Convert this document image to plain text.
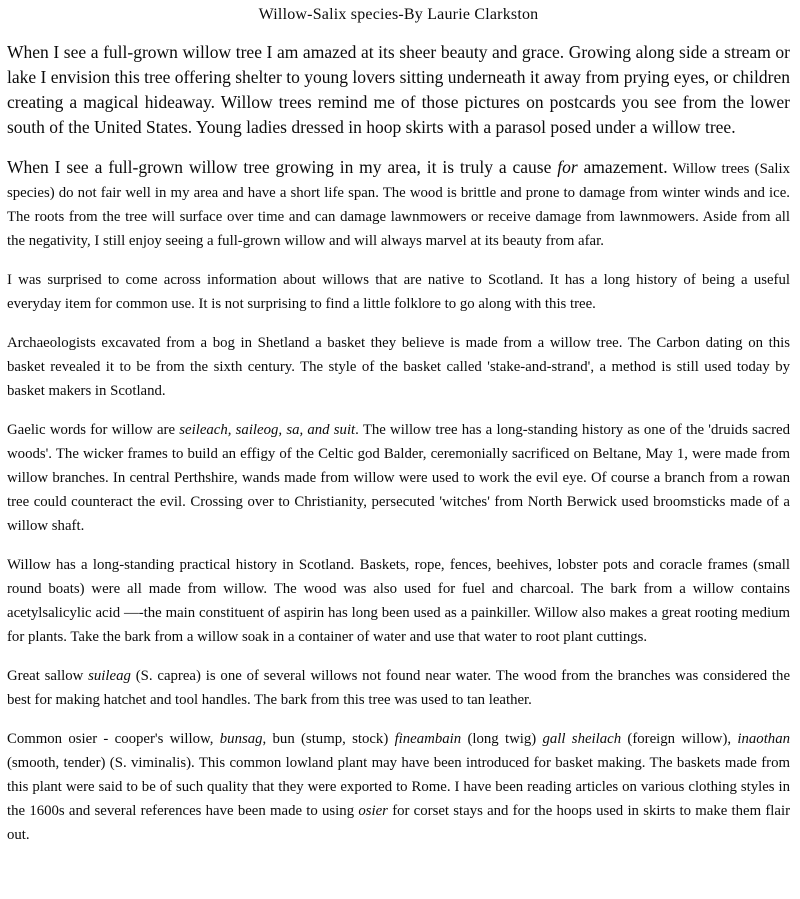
Willow-Salix species-By Laurie Clarkston

When I see a full-grown willow tree I am amazed at its sheer beauty and grace. Growing along side a stream or lake I envision this tree offering shelter to young lovers sitting underneath it away from prying eyes, or children creating a magical hideaway. Willow trees remind me of those pictures on postcards you see from the lower south of the United States. Young ladies dressed in hoop skirts with a parasol posed under a willow tree.

When I see a full-grown willow tree growing in my area, it is truly a cause for amazement. Willow trees (Salix species) do not fair well in my area and have a short life span. The wood is brittle and prone to damage from winter winds and ice. The roots from the tree will surface over time and can damage lawnmowers or receive damage from lawnmowers. Aside from all the negativity, I still enjoy seeing a full-grown willow and will always marvel at its beauty from afar.

I was surprised to come across information about willows that are native to Scotland. It has a long history of being a useful everyday item for common use. It is not surprising to find a little folklore to go along with this tree.

Archaeologists excavated from a bog in Shetland a basket they believe is made from a willow tree. The Carbon dating on this basket revealed it to be from the sixth century. The style of the basket called 'stake-and-strand', a method is still used today by basket makers in Scotland.

Gaelic words for willow are seileach, saileog, sa, and suit. The willow tree has a long-standing history as one of the 'druids sacred woods'. The wicker frames to build an effigy of the Celtic god Balder, ceremonially sacrificed on Beltane, May 1, were made from willow branches. In central Perthshire, wands made from willow were used to work the evil eye. Of course a branch from a rowan tree could counteract the evil. Crossing over to Christianity, persecuted 'witches' from North Berwick used broomsticks made of a willow shaft.

Willow has a long-standing practical history in Scotland. Baskets, rope, fences, beehives, lobster pots and coracle frames (small round boats) were all made from willow. The wood was also used for fuel and charcoal. The bark from a willow contains acetylsalicylic acid —-the main constituent of aspirin has long been used as a painkiller. Willow also makes a great rooting medium for plants. Take the bark from a willow soak in a container of water and use that water to root plant cuttings.

Great sallow suileag (S. caprea) is one of several willows not found near water. The wood from the branches was considered the best for making hatchet and tool handles. The bark from this tree was used to tan leather.

Common osier - cooper's willow, bunsag, bun (stump, stock) fineambain (long twig) gall sheilach (foreign willow), inaothan (smooth, tender) (S. viminalis). This common lowland plant may have been introduced for basket making. The baskets made from this plant were said to be of such quality that they were exported to Rome. I have been reading articles on various clothing styles in the 1600s and several references have been made to using osier for corset stays and for the hoops used in skirts to make them flair out.
